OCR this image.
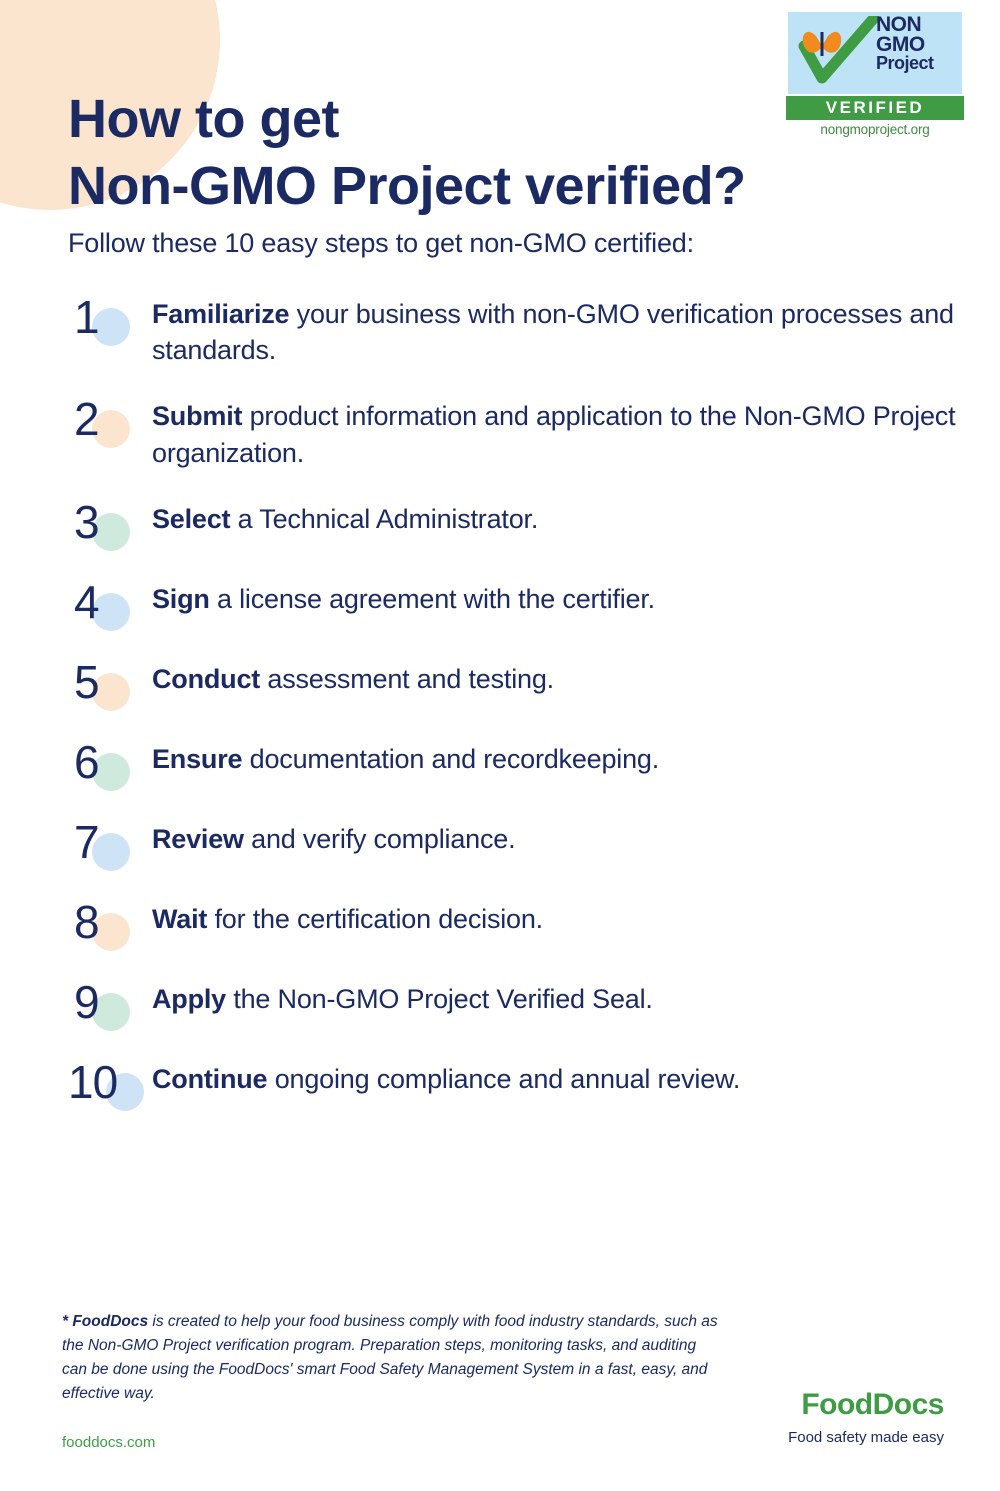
How to get
Non-GMO Project verified?
Follow these 10 easy steps to get non-GMO certified:
NON
GMO
Project
VERIFIED
nongmoproject.org
1 Familiarize your business with non-GMO verification processes and standards.
2 Submit product information and application to the Non-GMO Project organization.
3 Select a Technical Administrator.
4 Sign a license agreement with the certifier.
5 Conduct assessment and testing.
6 Ensure documentation and recordkeeping.
7 Review and verify compliance.
8 Wait for the certification decision.
9 Apply the Non-GMO Project Verified Seal.
10 Continue ongoing compliance and annual review.
* FoodDocs is created to help your food business comply with food industry standards, such as the Non-GMO Project verification program. Preparation steps, monitoring tasks, and auditing can be done using the FoodDocs' smart Food Safety Management System in a fast, easy, and effective way.
fooddocs.com
FoodDocs
Food safety made easy
